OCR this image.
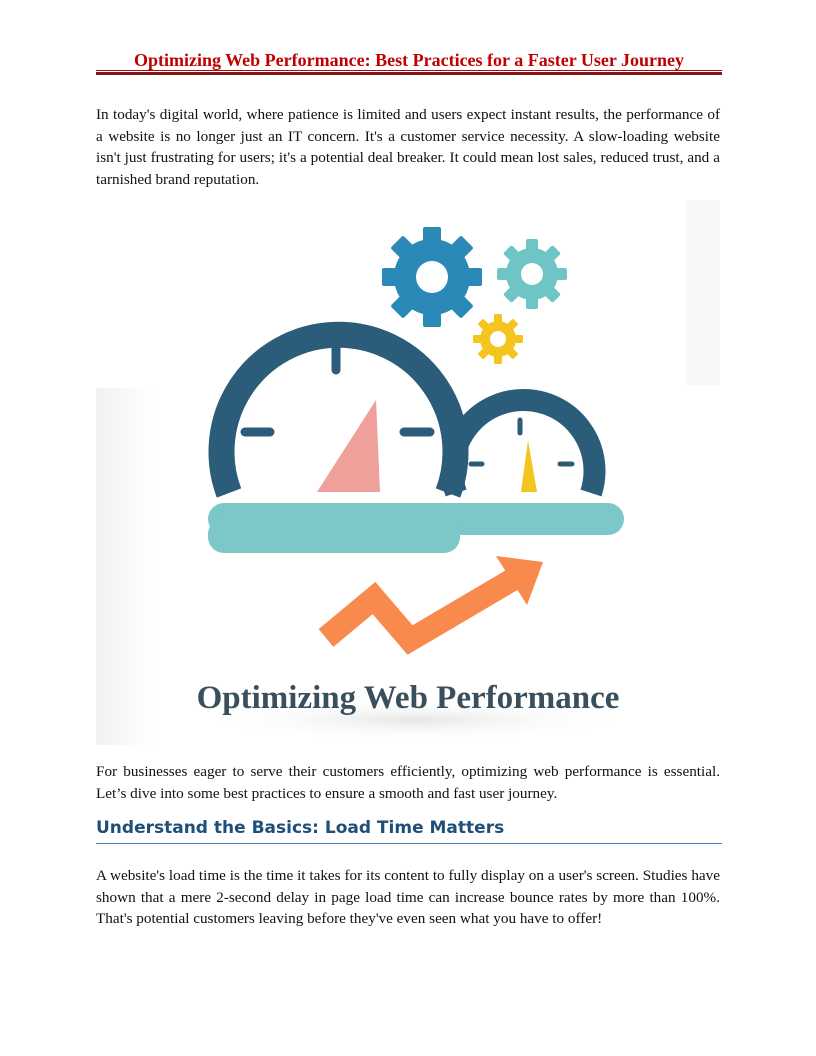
Optimizing Web Performance: Best Practices for a Faster User Journey

In today's digital world, where patience is limited and users expect instant results, the performance of a website is no longer just an IT concern. It's a customer service necessity. A slow-loading website isn't just frustrating for users; it's a potential deal breaker. It could mean lost sales, reduced trust, and a tarnished brand reputation.

Optimizing Web Performance

For businesses eager to serve their customers efficiently, optimizing web performance is essential. Let’s dive into some best practices to ensure a smooth and fast user journey.

Understand the Basics: Load Time Matters

A website's load time is the time it takes for its content to fully display on a user's screen. Studies have shown that a mere 2-second delay in page load time can increase bounce rates by more than 100%. That's potential customers leaving before they've even seen what you have to offer!
